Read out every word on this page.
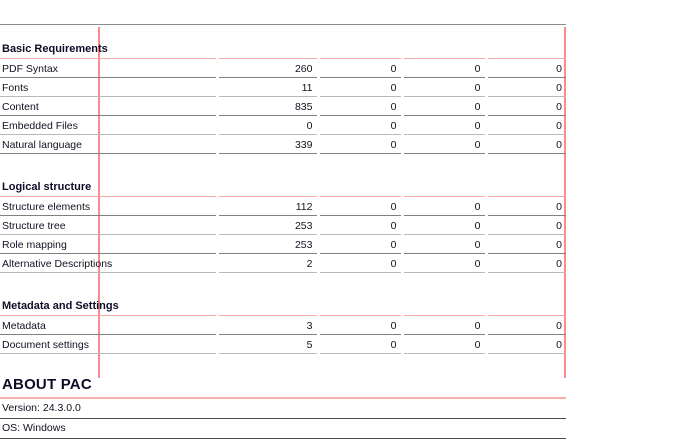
Basic Requirements				
PDF Syntax	260	0	0	0
Fonts	11	0	0	0
Content	835	0	0	0
Embedded Files	0	0	0	0
Natural language	339	0	0	0

Logical structure				
Structure elements	112	0	0	0
Structure tree	253	0	0	0
Role mapping	253	0	0	0
Alternative Descriptions	2	0	0	0

Metadata and Settings				
Metadata	3	0	0	0
Document settings	5	0	0	0
ABOUT PAC
Version: 24.3.0.0
OS: Windows
